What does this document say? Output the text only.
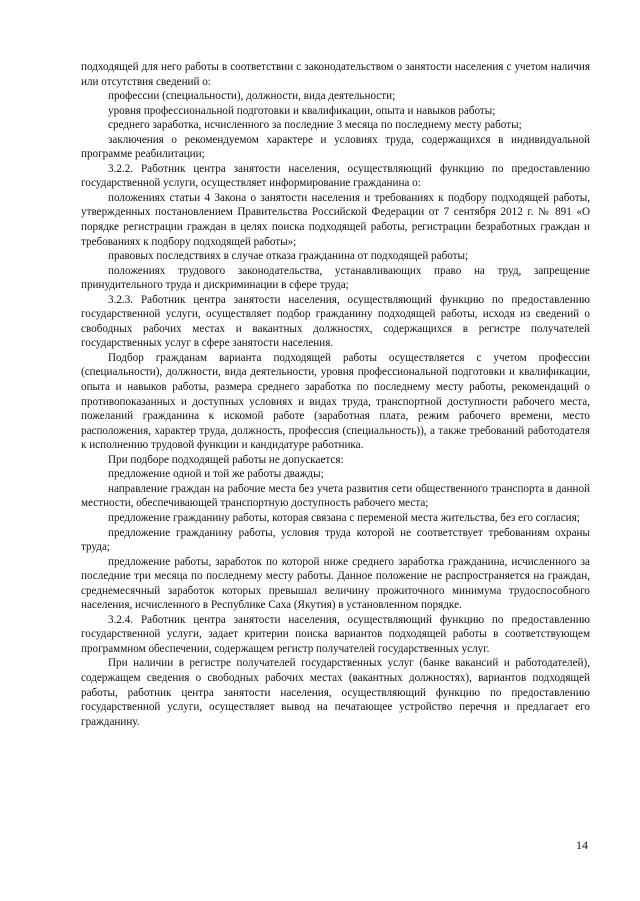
подходящей для него работы в соответствии с законодательством о занятости населения с учетом наличия или отсутствия сведений о:

профессии (специальности), должности, вида деятельности;

уровня профессиональной подготовки и квалификации, опыта и навыков работы;

среднего заработка, исчисленного за последние 3 месяца по последнему месту работы;

заключения о рекомендуемом характере и условиях труда, содержащихся в индивидуальной программе реабилитации;

3.2.2. Работник центра занятости населения, осуществляющий функцию по предоставлению государственной услуги, осуществляет информирование гражданина о:

положениях статьи 4 Закона о занятости населения и требованиях к подбору подходящей работы, утвержденных постановлением Правительства Российской Федерации от 7 сентября 2012 г. № 891 «О порядке регистрации граждан в целях поиска подходящей работы, регистрации безработных граждан и требованиях к подбору подходящей работы»;

правовых последствиях в случае отказа гражданина от подходящей работы;

положениях трудового законодательства, устанавливающих право на труд, запрещение принудительного труда и дискриминации в сфере труда;

3.2.3. Работник центра занятости населения, осуществляющий функцию по предоставлению государственной услуги, осуществляет подбор гражданину подходящей работы, исходя из сведений о свободных рабочих местах и вакантных должностях, содержащихся в регистре получателей государственных услуг в сфере занятости населения.

Подбор гражданам варианта подходящей работы осуществляется с учетом профессии (специальности), должности, вида деятельности, уровня профессиональной подготовки и квалификации, опыта и навыков работы, размера среднего заработка по последнему месту работы, рекомендаций о противопоказанных и доступных условиях и видах труда, транспортной доступности рабочего места, пожеланий гражданина к искомой работе (заработная плата, режим рабочего времени, место расположения, характер труда, должность, профессия (специальность)), а также требований работодателя к исполнению трудовой функции и кандидатуре работника.

При подборе подходящей работы не допускается:

предложение одной и той же работы дважды;

направление граждан на рабочие места без учета развития сети общественного транспорта в данной местности, обеспечивающей транспортную доступность рабочего места;

предложение гражданину работы, которая связана с переменой места жительства, без его согласия;

предложение гражданину работы, условия труда которой не соответствует требованиям охраны труда;

предложение работы, заработок по которой ниже среднего заработка гражданина, исчисленного за последние три месяца по последнему месту работы. Данное положение не распространяется на граждан, среднемесячный заработок которых превышал величину прожиточного минимума трудоспособного населения, исчисленного в Республике Саха (Якутия) в установленном порядке.

3.2.4. Работник центра занятости населения, осуществляющий функцию по предоставлению государственной услуги, задает критерии поиска вариантов подходящей работы в соответствующем программном обеспечении, содержащем регистр получателей государственных услуг.

При наличии в регистре получателей государственных услуг (банке вакансий и работодателей), содержащем сведения о свободных рабочих местах (вакантных должностях), вариантов подходящей работы, работник центра занятости населения, осуществляющий функцию по предоставлению государственной услуги, осуществляет вывод на печатающее устройство перечня и предлагает его гражданину.

14
